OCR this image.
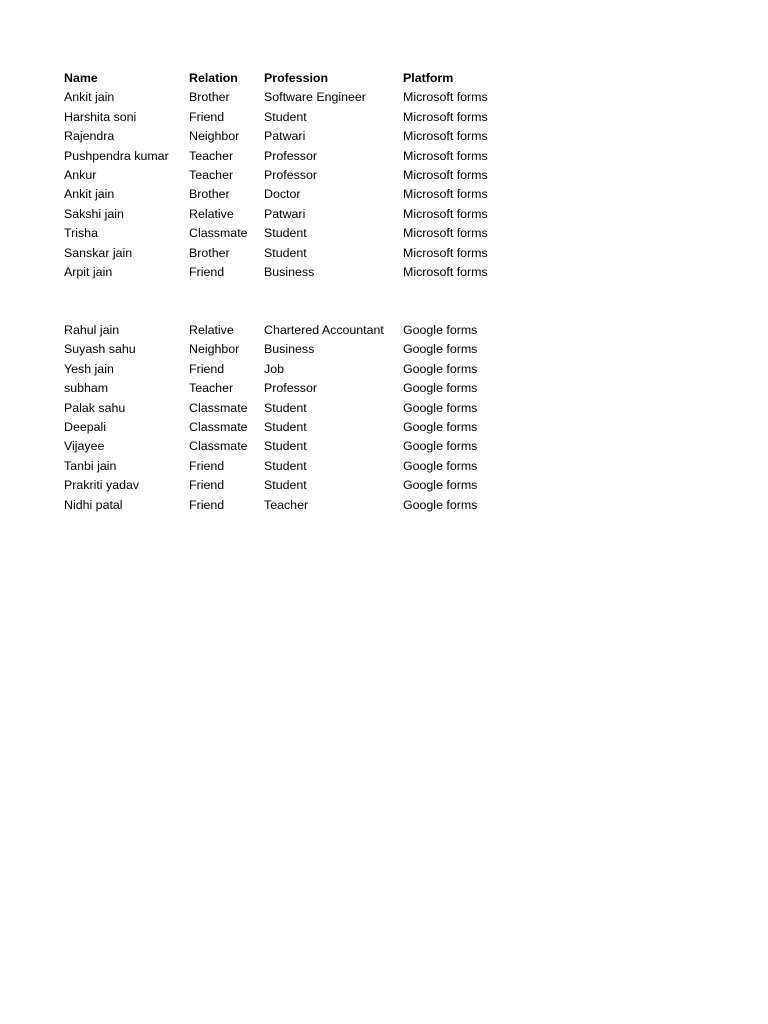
Name	Relation	Profession	Platform
Ankit jain	Brother	Software Engineer	Microsoft forms
Harshita soni	Friend	Student	Microsoft forms
Rajendra	Neighbor	Patwari	Microsoft forms
Pushpendra kumar	Teacher	Professor	Microsoft forms
Ankur	Teacher	Professor	Microsoft forms
Ankit jain	Brother	Doctor	Microsoft forms
Sakshi jain	Relative	Patwari	Microsoft forms
Trisha	Classmate	Student	Microsoft forms
Sanskar jain	Brother	Student	Microsoft forms
Arpit jain	Friend	Business	Microsoft forms
Rahul jain	Relative	Chartered Accountant	Google forms
Suyash sahu	Neighbor	Business	Google forms
Yesh jain	Friend	Job	Google forms
subham	Teacher	Professor	Google forms
Palak sahu	Classmate	Student	Google forms
Deepali	Classmate	Student	Google forms
Vijayee	Classmate	Student	Google forms
Tanbi jain	Friend	Student	Google forms
Prakriti yadav	Friend	Student	Google forms
Nidhi patal	Friend	Teacher	Google forms
